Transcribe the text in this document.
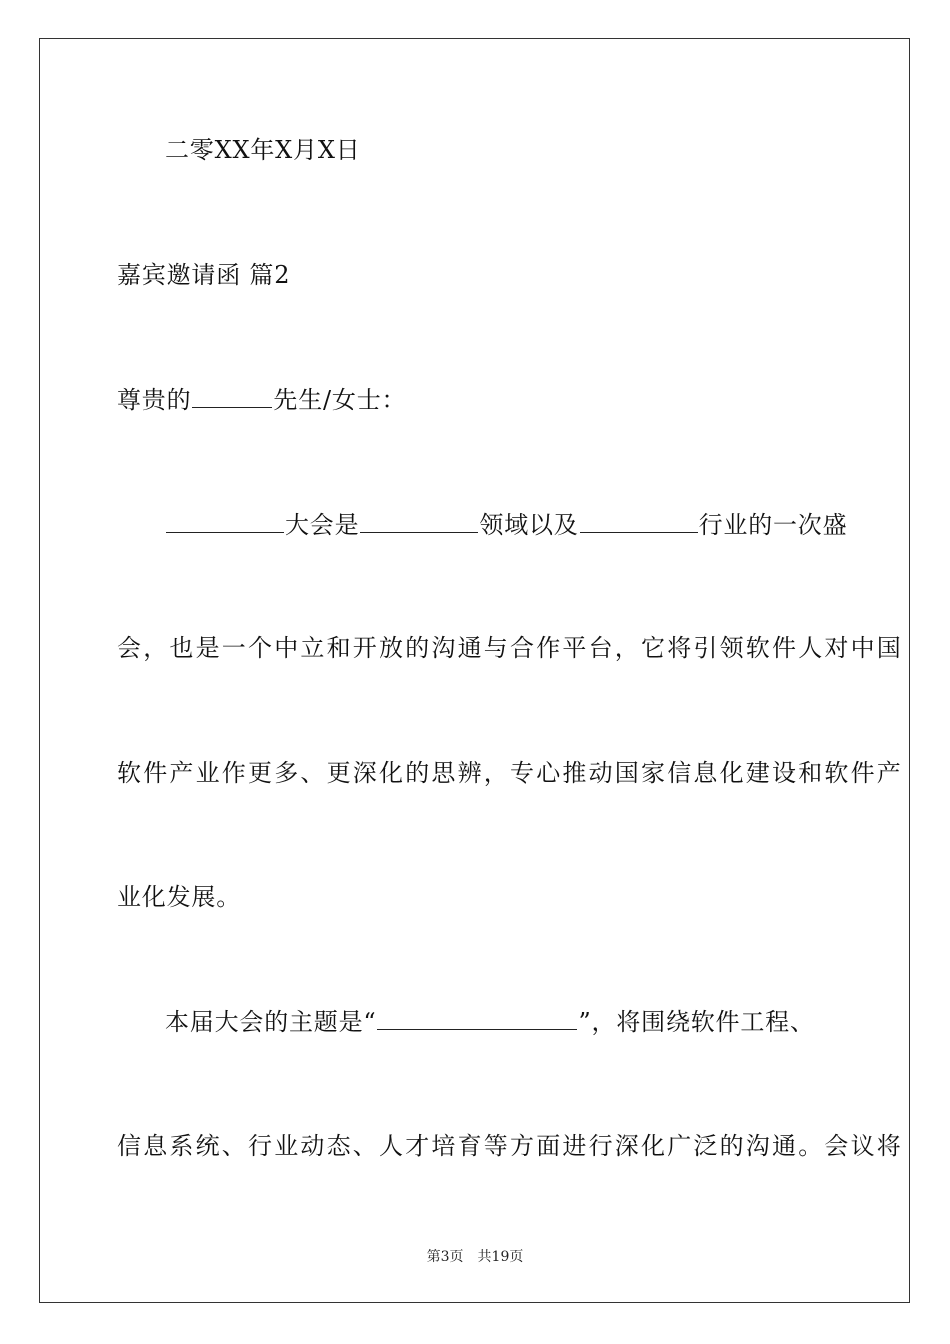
二零XX年X月X日
嘉宾邀请函 篇2
尊贵的	先生/女士：
大会是	领域以及	行业的一次盛
会，也是一个中立和开放的沟通与合作平台，它将引领软件人对中国
软件产业作更多、更深化的思辨，专心推动国家信息化建设和软件产
业化发展。
本届大会的主题是“	”，将围绕软件工程、
信息系统、行业动态、人才培育等方面进行深化广泛的沟通。会议将
第3页 共19页
